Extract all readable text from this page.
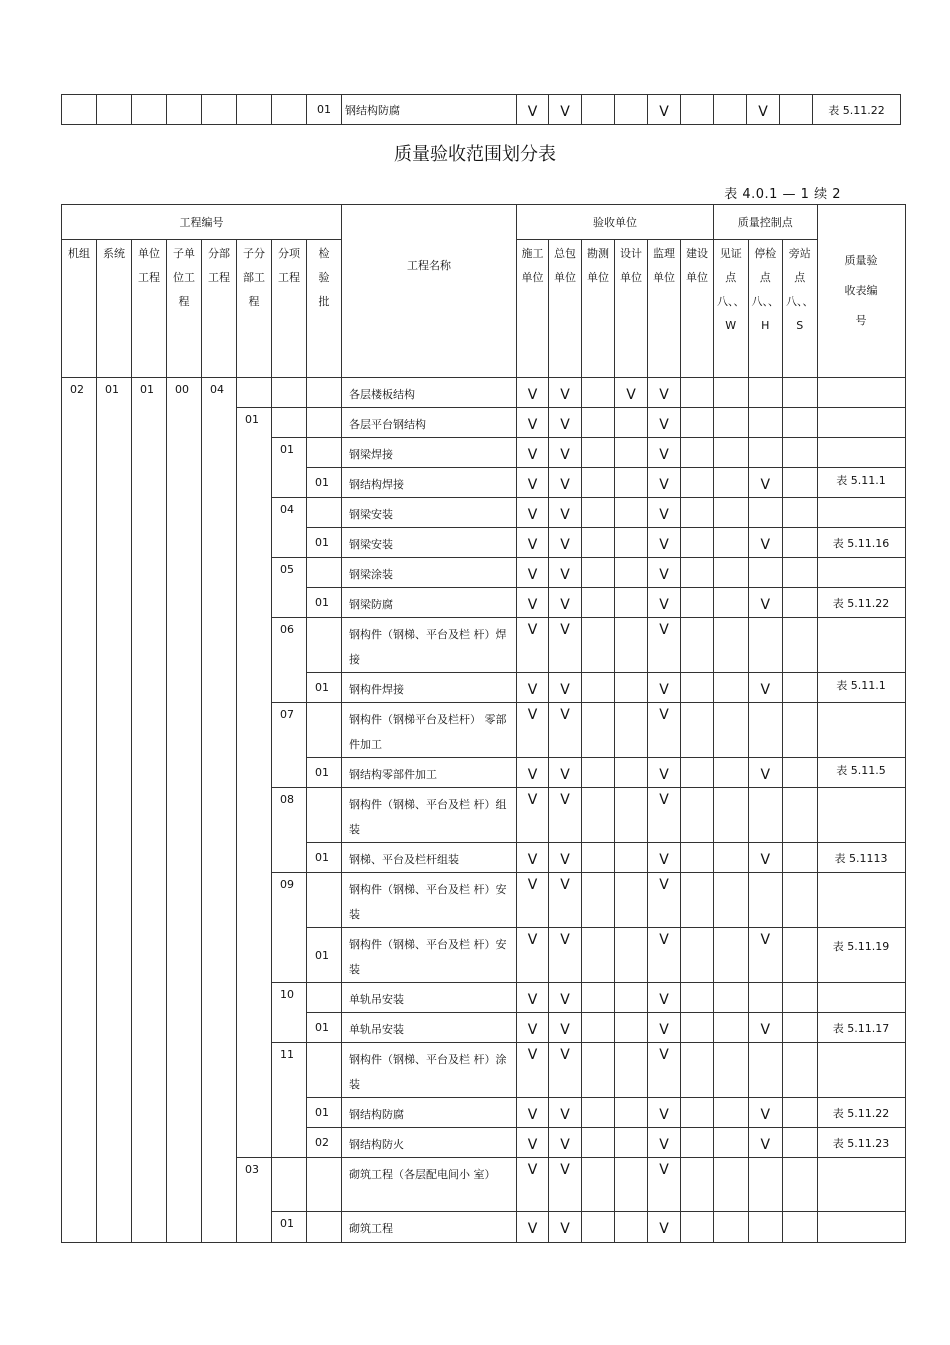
							01	钢结构防腐	V	V			V			V		表 5.11.22
质量验收范围划分表
表 4.0.1 — 1 续 2
工程编号								工程名称	验收单位						质量控制点			质量验收表编号
机组	系统	单位工程	子单位工程	分部工程	子分部工程	分项工程	检验批		施工单位	总包单位	勘测单位	设计单位	监理单位	建设单位	见证点八、、W	停检点八、、H	旁站点八、、S	
02	01	01	00	04				各层楼板结构	V	V		V	V					
					01			各层平台钢结构	V	V			V					
						01		钢梁焊接	V	V			V					
							01	钢结构焊接	V	V			V			V		表 5.11.1
						04		钢梁安装	V	V			V					
							01	钢梁安装	V	V			V			V		表 5.11.16
						05		钢梁涂装	V	V			V					
							01	钢梁防腐	V	V			V			V		表 5.11.22
						06		钢构件（钢梯、平台及栏 杆）焊接	V	V			V					
							01	钢构件焊接	V	V			V			V		表 5.11.1
						07		钢构件（钢梯平台及栏杆） 零部件加工	V	V			V					
							01	钢结构零部件加工	V	V			V			V		表 5.11.5
						08		钢构件（钢梯、平台及栏 杆）组装	V	V			V					
							01	钢梯、平台及栏杆组装	V	V			V			V		表 5.1113
						09		钢构件（钢梯、平台及栏 杆）安装	V	V			V					
							01	钢构件（钢梯、平台及栏 杆）安装	V	V			V			V		表 5.11.19
						10		单轨吊安装	V	V			V					
							01	单轨吊安装	V	V			V			V		表 5.11.17
						11		钢构件（钢梯、平台及栏 杆）涂装	V	V			V					
							01	钢结构防腐	V	V			V			V		表 5.11.22
							02	钢结构防火	V	V			V			V		表 5.11.23
					03			砌筑工程（各层配电间小 室）	V	V			V					
						01		砌筑工程	V	V			V					
